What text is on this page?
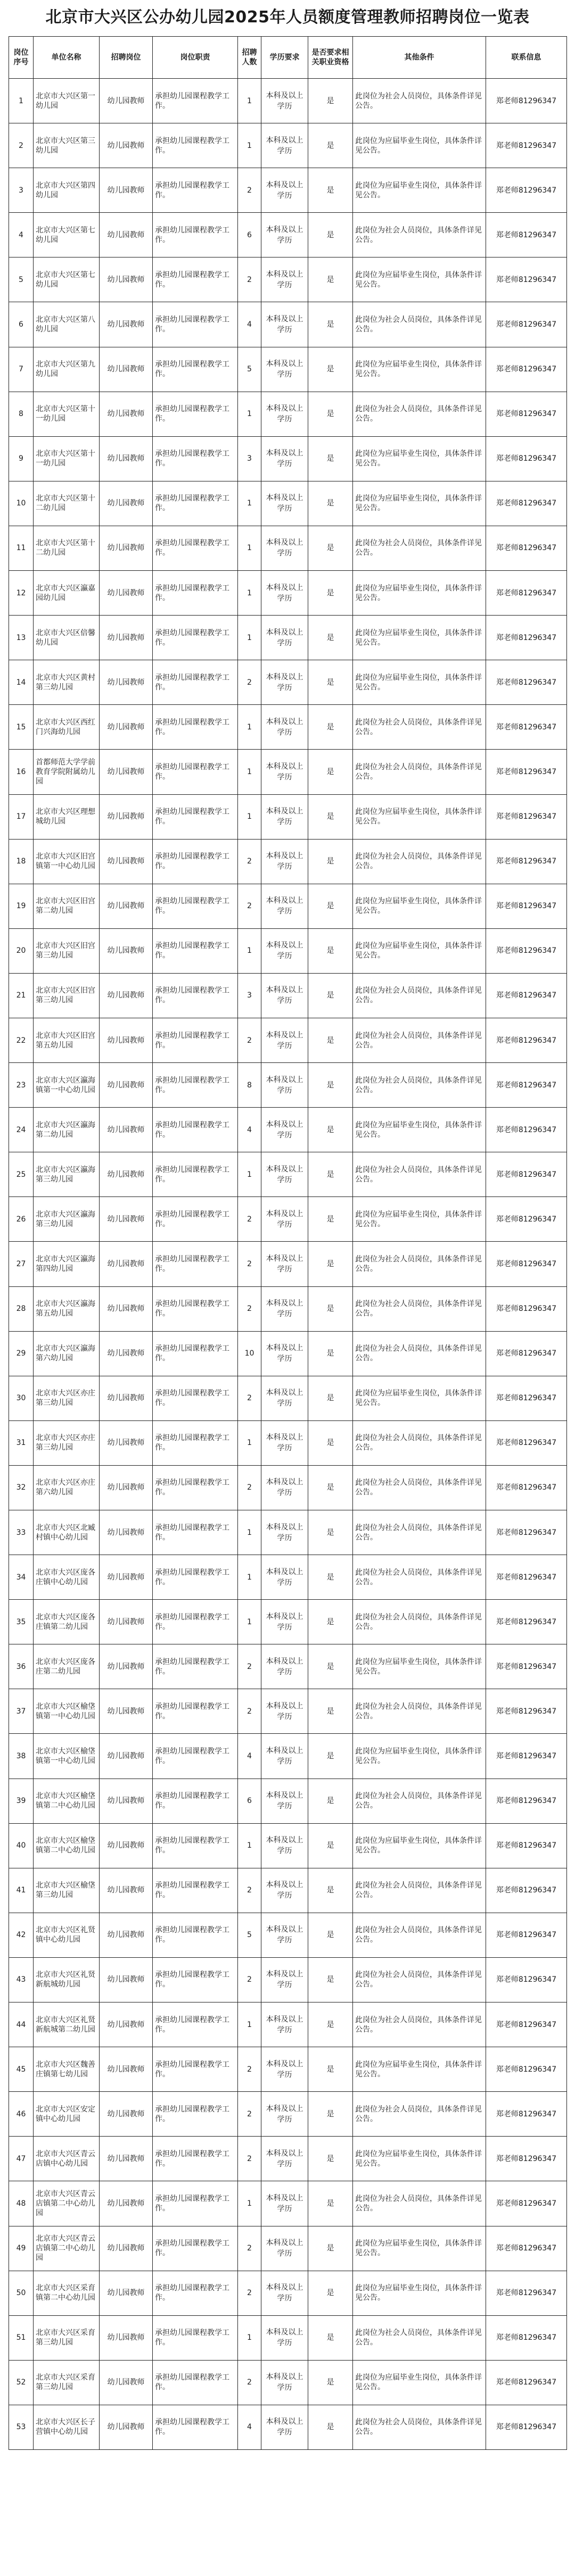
北京市大兴区公办幼儿园2025年人员额度管理教师招聘岗位一览表
岗位序号	单位名称	招聘岗位	岗位职责	招聘人数	学历要求	是否要求相关职业资格	其他条件	联系信息
1	北京市大兴区第一幼儿园	幼儿园教师	承担幼儿园课程教学工作。	1	本科及以上学历	是	此岗位为社会人员岗位，具体条件详见公告。	郑老师81296347
2	北京市大兴区第三幼儿园	幼儿园教师	承担幼儿园课程教学工作。	1	本科及以上学历	是	此岗位为应届毕业生岗位，具体条件详见公告。	郑老师81296347
3	北京市大兴区第四幼儿园	幼儿园教师	承担幼儿园课程教学工作。	2	本科及以上学历	是	此岗位为应届毕业生岗位，具体条件详见公告。	郑老师81296347
4	北京市大兴区第七幼儿园	幼儿园教师	承担幼儿园课程教学工作。	6	本科及以上学历	是	此岗位为社会人员岗位，具体条件详见公告。	郑老师81296347
5	北京市大兴区第七幼儿园	幼儿园教师	承担幼儿园课程教学工作。	2	本科及以上学历	是	此岗位为应届毕业生岗位，具体条件详见公告。	郑老师81296347
6	北京市大兴区第八幼儿园	幼儿园教师	承担幼儿园课程教学工作。	4	本科及以上学历	是	此岗位为社会人员岗位，具体条件详见公告。	郑老师81296347
7	北京市大兴区第九幼儿园	幼儿园教师	承担幼儿园课程教学工作。	5	本科及以上学历	是	此岗位为应届毕业生岗位，具体条件详见公告。	郑老师81296347
8	北京市大兴区第十一幼儿园	幼儿园教师	承担幼儿园课程教学工作。	1	本科及以上学历	是	此岗位为社会人员岗位，具体条件详见公告。	郑老师81296347
9	北京市大兴区第十一幼儿园	幼儿园教师	承担幼儿园课程教学工作。	3	本科及以上学历	是	此岗位为应届毕业生岗位，具体条件详见公告。	郑老师81296347
10	北京市大兴区第十二幼儿园	幼儿园教师	承担幼儿园课程教学工作。	1	本科及以上学历	是	此岗位为应届毕业生岗位，具体条件详见公告。	郑老师81296347
11	北京市大兴区第十二幼儿园	幼儿园教师	承担幼儿园课程教学工作。	1	本科及以上学历	是	此岗位为社会人员岗位，具体条件详见公告。	郑老师81296347
12	北京市大兴区瀛嘉园幼儿园	幼儿园教师	承担幼儿园课程教学工作。	1	本科及以上学历	是	此岗位为应届毕业生岗位，具体条件详见公告。	郑老师81296347
13	北京市大兴区倍馨幼儿园	幼儿园教师	承担幼儿园课程教学工作。	1	本科及以上学历	是	此岗位为应届毕业生岗位，具体条件详见公告。	郑老师81296347
14	北京市大兴区黄村第三幼儿园	幼儿园教师	承担幼儿园课程教学工作。	2	本科及以上学历	是	此岗位为应届毕业生岗位，具体条件详见公告。	郑老师81296347
15	北京市大兴区西红门兴海幼儿园	幼儿园教师	承担幼儿园课程教学工作。	1	本科及以上学历	是	此岗位为社会人员岗位，具体条件详见公告。	郑老师81296347
16	首都师范大学学前教育学院附属幼儿园	幼儿园教师	承担幼儿园课程教学工作。	1	本科及以上学历	是	此岗位为社会人员岗位，具体条件详见公告。	郑老师81296347
17	北京市大兴区理想城幼儿园	幼儿园教师	承担幼儿园课程教学工作。	1	本科及以上学历	是	此岗位为应届毕业生岗位，具体条件详见公告。	郑老师81296347
18	北京市大兴区旧宫镇第一中心幼儿园	幼儿园教师	承担幼儿园课程教学工作。	2	本科及以上学历	是	此岗位为社会人员岗位，具体条件详见公告。	郑老师81296347
19	北京市大兴区旧宫第二幼儿园	幼儿园教师	承担幼儿园课程教学工作。	2	本科及以上学历	是	此岗位为应届毕业生岗位，具体条件详见公告。	郑老师81296347
20	北京市大兴区旧宫第三幼儿园	幼儿园教师	承担幼儿园课程教学工作。	1	本科及以上学历	是	此岗位为应届毕业生岗位，具体条件详见公告。	郑老师81296347
21	北京市大兴区旧宫第三幼儿园	幼儿园教师	承担幼儿园课程教学工作。	3	本科及以上学历	是	此岗位为社会人员岗位，具体条件详见公告。	郑老师81296347
22	北京市大兴区旧宫第五幼儿园	幼儿园教师	承担幼儿园课程教学工作。	2	本科及以上学历	是	此岗位为社会人员岗位，具体条件详见公告。	郑老师81296347
23	北京市大兴区瀛海镇第一中心幼儿园	幼儿园教师	承担幼儿园课程教学工作。	8	本科及以上学历	是	此岗位为社会人员岗位，具体条件详见公告。	郑老师81296347
24	北京市大兴区瀛海第二幼儿园	幼儿园教师	承担幼儿园课程教学工作。	4	本科及以上学历	是	此岗位为应届毕业生岗位，具体条件详见公告。	郑老师81296347
25	北京市大兴区瀛海第三幼儿园	幼儿园教师	承担幼儿园课程教学工作。	1	本科及以上学历	是	此岗位为社会人员岗位，具体条件详见公告。	郑老师81296347
26	北京市大兴区瀛海第三幼儿园	幼儿园教师	承担幼儿园课程教学工作。	2	本科及以上学历	是	此岗位为应届毕业生岗位，具体条件详见公告。	郑老师81296347
27	北京市大兴区瀛海第四幼儿园	幼儿园教师	承担幼儿园课程教学工作。	2	本科及以上学历	是	此岗位为社会人员岗位，具体条件详见公告。	郑老师81296347
28	北京市大兴区瀛海第五幼儿园	幼儿园教师	承担幼儿园课程教学工作。	2	本科及以上学历	是	此岗位为社会人员岗位，具体条件详见公告。	郑老师81296347
29	北京市大兴区瀛海第六幼儿园	幼儿园教师	承担幼儿园课程教学工作。	10	本科及以上学历	是	此岗位为社会人员岗位，具体条件详见公告。	郑老师81296347
30	北京市大兴区亦庄第三幼儿园	幼儿园教师	承担幼儿园课程教学工作。	2	本科及以上学历	是	此岗位为应届毕业生岗位，具体条件详见公告。	郑老师81296347
31	北京市大兴区亦庄第三幼儿园	幼儿园教师	承担幼儿园课程教学工作。	1	本科及以上学历	是	此岗位为社会人员岗位，具体条件详见公告。	郑老师81296347
32	北京市大兴区亦庄第六幼儿园	幼儿园教师	承担幼儿园课程教学工作。	2	本科及以上学历	是	此岗位为社会人员岗位，具体条件详见公告。	郑老师81296347
33	北京市大兴区北臧村镇中心幼儿园	幼儿园教师	承担幼儿园课程教学工作。	1	本科及以上学历	是	此岗位为社会人员岗位，具体条件详见公告。	郑老师81296347
34	北京市大兴区庞各庄镇中心幼儿园	幼儿园教师	承担幼儿园课程教学工作。	1	本科及以上学历	是	此岗位为社会人员岗位，具体条件详见公告。	郑老师81296347
35	北京市大兴区庞各庄镇第二幼儿园	幼儿园教师	承担幼儿园课程教学工作。	1	本科及以上学历	是	此岗位为社会人员岗位，具体条件详见公告。	郑老师81296347
36	北京市大兴区庞各庄第二幼儿园	幼儿园教师	承担幼儿园课程教学工作。	2	本科及以上学历	是	此岗位为应届毕业生岗位，具体条件详见公告。	郑老师81296347
37	北京市大兴区榆垡镇第一中心幼儿园	幼儿园教师	承担幼儿园课程教学工作。	2	本科及以上学历	是	此岗位为社会人员岗位，具体条件详见公告。	郑老师81296347
38	北京市大兴区榆垡镇第一中心幼儿园	幼儿园教师	承担幼儿园课程教学工作。	4	本科及以上学历	是	此岗位为应届毕业生岗位，具体条件详见公告。	郑老师81296347
39	北京市大兴区榆垡镇第二中心幼儿园	幼儿园教师	承担幼儿园课程教学工作。	6	本科及以上学历	是	此岗位为社会人员岗位，具体条件详见公告。	郑老师81296347
40	北京市大兴区榆垡镇第二中心幼儿园	幼儿园教师	承担幼儿园课程教学工作。	1	本科及以上学历	是	此岗位为应届毕业生岗位，具体条件详见公告。	郑老师81296347
41	北京市大兴区榆垡第三幼儿园	幼儿园教师	承担幼儿园课程教学工作。	2	本科及以上学历	是	此岗位为社会人员岗位，具体条件详见公告。	郑老师81296347
42	北京市大兴区礼贤镇中心幼儿园	幼儿园教师	承担幼儿园课程教学工作。	5	本科及以上学历	是	此岗位为社会人员岗位，具体条件详见公告。	郑老师81296347
43	北京市大兴区礼贤新航城幼儿园	幼儿园教师	承担幼儿园课程教学工作。	2	本科及以上学历	是	此岗位为社会人员岗位，具体条件详见公告。	郑老师81296347
44	北京市大兴区礼贤新航城第二幼儿园	幼儿园教师	承担幼儿园课程教学工作。	1	本科及以上学历	是	此岗位为社会人员岗位，具体条件详见公告。	郑老师81296347
45	北京市大兴区魏善庄镇第七幼儿园	幼儿园教师	承担幼儿园课程教学工作。	2	本科及以上学历	是	此岗位为应届毕业生岗位，具体条件详见公告。	郑老师81296347
46	北京市大兴区安定镇中心幼儿园	幼儿园教师	承担幼儿园课程教学工作。	2	本科及以上学历	是	此岗位为社会人员岗位，具体条件详见公告。	郑老师81296347
47	北京市大兴区青云店镇中心幼儿园	幼儿园教师	承担幼儿园课程教学工作。	2	本科及以上学历	是	此岗位为应届毕业生岗位，具体条件详见公告。	郑老师81296347
48	北京市大兴区青云店镇第二中心幼儿园	幼儿园教师	承担幼儿园课程教学工作。	1	本科及以上学历	是	此岗位为社会人员岗位，具体条件详见公告。	郑老师81296347
49	北京市大兴区青云店镇第二中心幼儿园	幼儿园教师	承担幼儿园课程教学工作。	2	本科及以上学历	是	此岗位为应届毕业生岗位，具体条件详见公告。	郑老师81296347
50	北京市大兴区采育镇第二中心幼儿园	幼儿园教师	承担幼儿园课程教学工作。	2	本科及以上学历	是	此岗位为应届毕业生岗位，具体条件详见公告。	郑老师81296347
51	北京市大兴区采育第三幼儿园	幼儿园教师	承担幼儿园课程教学工作。	1	本科及以上学历	是	此岗位为社会人员岗位，具体条件详见公告。	郑老师81296347
52	北京市大兴区采育第三幼儿园	幼儿园教师	承担幼儿园课程教学工作。	2	本科及以上学历	是	此岗位为应届毕业生岗位，具体条件详见公告。	郑老师81296347
53	北京市大兴区长子营镇中心幼儿园	幼儿园教师	承担幼儿园课程教学工作。	4	本科及以上学历	是	此岗位为社会人员岗位，具体条件详见公告。	郑老师81296347
